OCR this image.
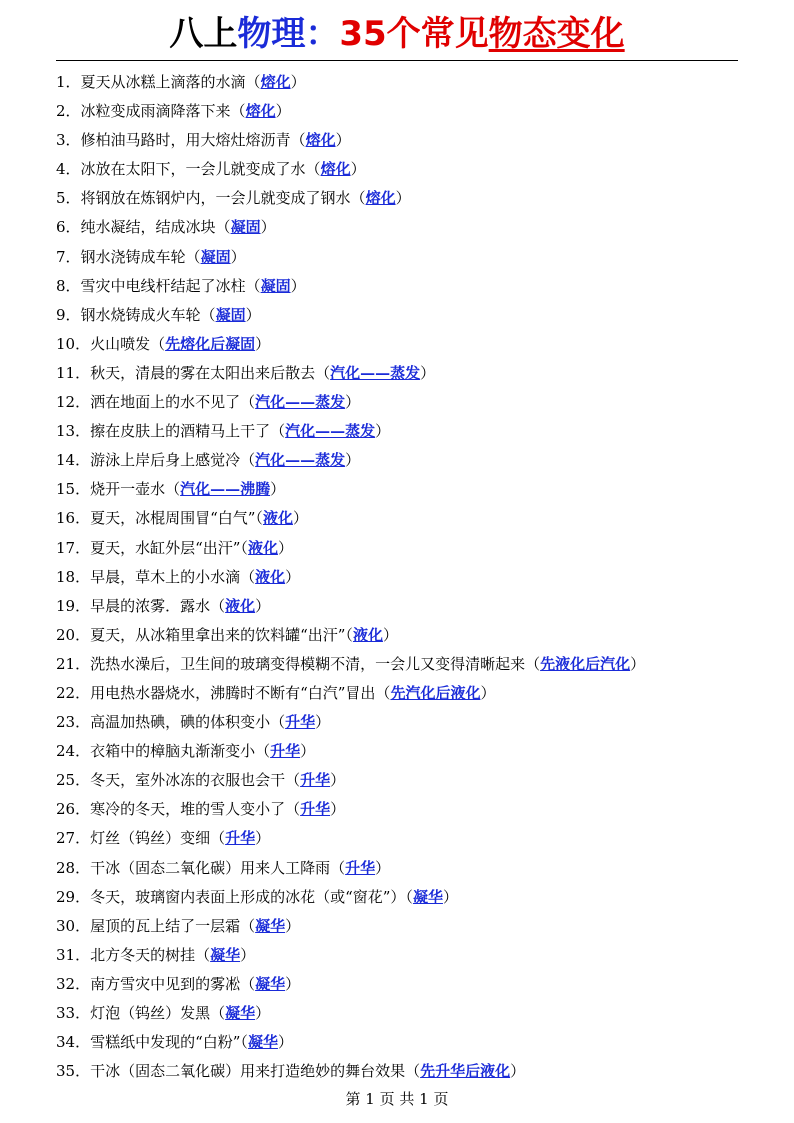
八上物理：35个常见物态变化
1．夏天从冰糕上滴落的水滴（熔化）
2．冰粒变成雨滴降落下来（熔化）
3．修柏油马路时，用大熔灶熔沥青（熔化）
4．冰放在太阳下，一会儿就变成了水（熔化）
5．将钢放在炼钢炉内，一会儿就变成了钢水（熔化）
6．纯水凝结，结成冰块（凝固）
7．钢水浇铸成车轮（凝固）
8．雪灾中电线杆结起了冰柱（凝固）
9．钢水烧铸成火车轮（凝固）
10．火山喷发（先熔化后凝固）
11．秋天，清晨的雾在太阳出来后散去（汽化——蒸发）
12．洒在地面上的水不见了（汽化——蒸发）
13．擦在皮肤上的酒精马上干了（汽化——蒸发）
14．游泳上岸后身上感觉冷（汽化——蒸发）
15．烧开一壶水（汽化——沸腾）
16．夏天，冰棍周围冒“白气”（液化）
17．夏天，水缸外层“出汗”（液化）
18．早晨，草木上的小水滴（液化）
19．早晨的浓雾．露水（液化）
20．夏天，从冰箱里拿出来的饮料罐“出汗”（液化）
21．洗热水澡后，卫生间的玻璃变得模糊不清，一会儿又变得清晰起来（先液化后汽化）
22．用电热水器烧水，沸腾时不断有“白汽”冒出（先汽化后液化）
23．高温加热碘，碘的体积变小（升华）
24．衣箱中的樟脑丸渐渐变小（升华）
25．冬天，室外冰冻的衣服也会干（升华）
26．寒冷的冬天，堆的雪人变小了（升华）
27．灯丝（钨丝）变细（升华）
28．干冰（固态二氧化碳）用来人工降雨（升华）
29．冬天，玻璃窗内表面上形成的冰花（或“窗花”）（凝华）
30．屋顶的瓦上结了一层霜（凝华）
31．北方冬天的树挂（凝华）
32．南方雪灾中见到的雾凇（凝华）
33．灯泡（钨丝）发黑（凝华）
34．雪糕纸中发现的“白粉”（凝华）
35．干冰（固态二氧化碳）用来打造绝妙的舞台效果（先升华后液化）
第 1 页 共 1 页
